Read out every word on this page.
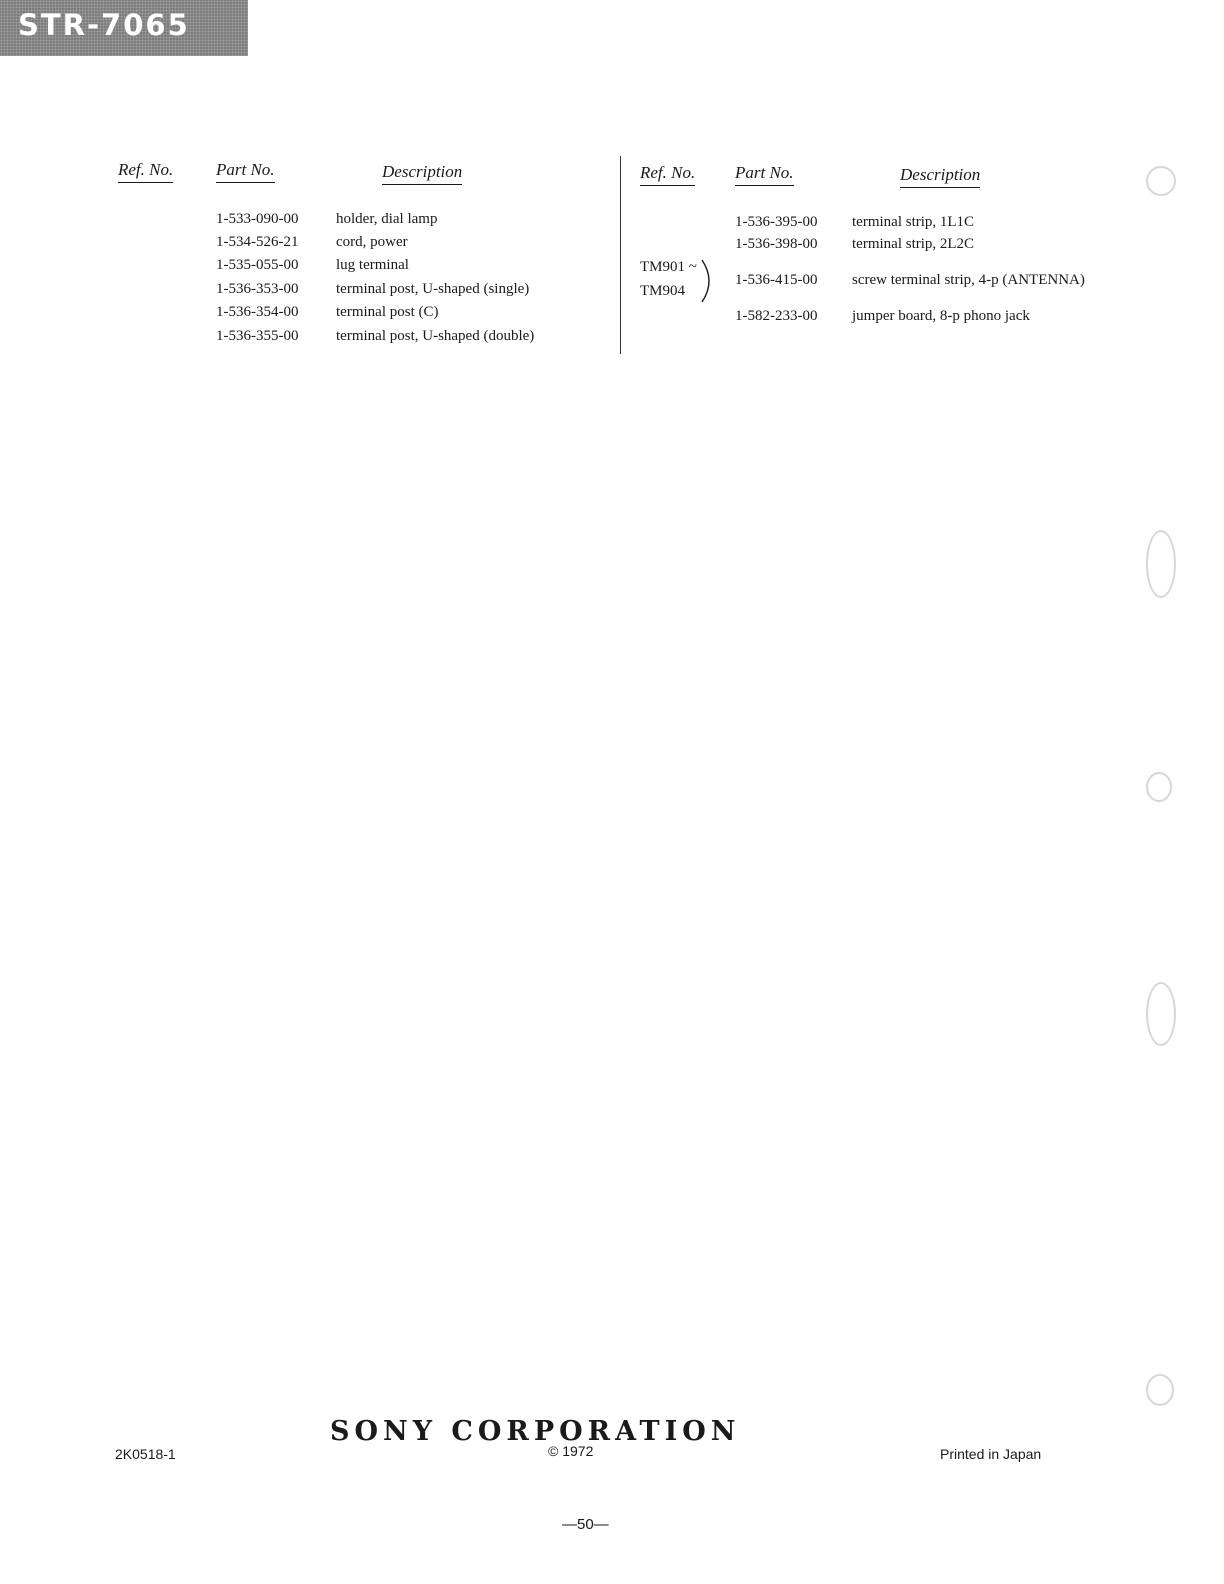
STR-7065
Ref. No.	Part No.	Description
1-533-090-00	holder, dial lamp
1-534-526-21	cord, power
1-535-055-00	lug terminal
1-536-353-00	terminal post, U-shaped (single)
1-536-354-00	terminal post (C)
1-536-355-00	terminal post, U-shaped (double)
Ref. No. Part No.	Description
1-536-395-00 terminal strip, 1L1C
1-536-398-00 terminal strip, 2L2C
TM901 ~
TM904
1-536-415-00 screw terminal strip, 4-p (ANTENNA)
1-582-233-00 jumper board, 8-p phono jack
SONY CORPORATION
2K0518-1	© 1972	Printed in Japan
—50—
